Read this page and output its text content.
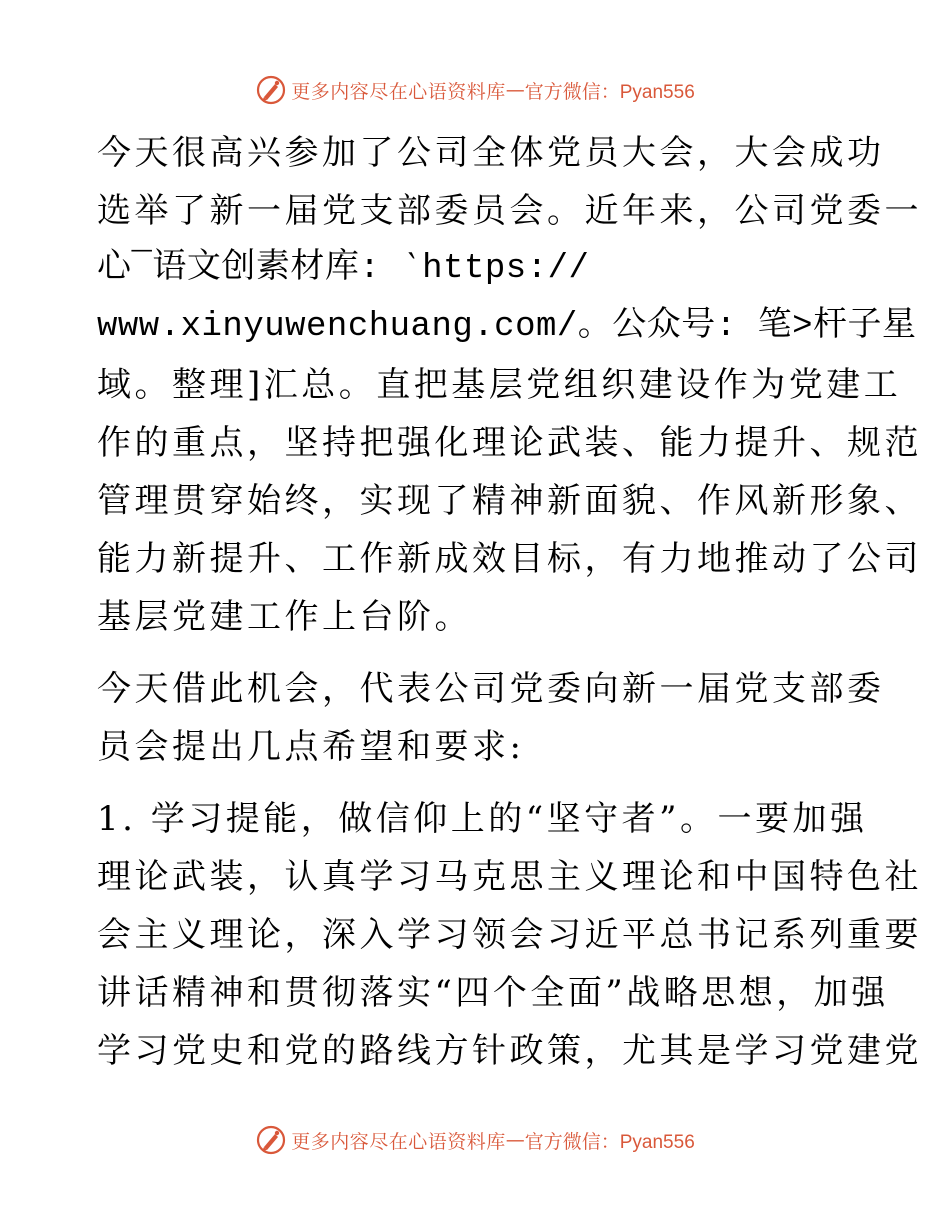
更多内容尽在心语资料库 — 官方微信：Pyan556
今天很高兴参加了公司全体党员大会，大会成功
选举了新一届党支部委员会。近年来，公司党委一
心¯语文创素材库: ‵https://
www.xinyuwenchuang.com/。公众号: 笔>杆子星
域。整理]汇总。直把基层党组织建设作为党建工
作的重点，坚持把强化理论武装、能力提升、规范
管理贯穿始终，实现了精神新面貌、作风新形象、
能力新提升、工作新成效目标，有力地推动了公司
基层党建工作上台阶。
今天借此机会，代表公司党委向新一届党支部委
员会提出几点希望和要求:
1. 学习提能，做信仰上的“坚守者”。一要加强
理论武装，认真学习马克思主义理论和中国特色社
会主义理论，深入学习领会习近平总书记系列重要
讲话精神和贯彻落实“四个全面”战略思想，加强
学习党史和党的路线方针政策，尤其是学习党建党
更多内容尽在心语资料库 — 官方微信：Pyan556
